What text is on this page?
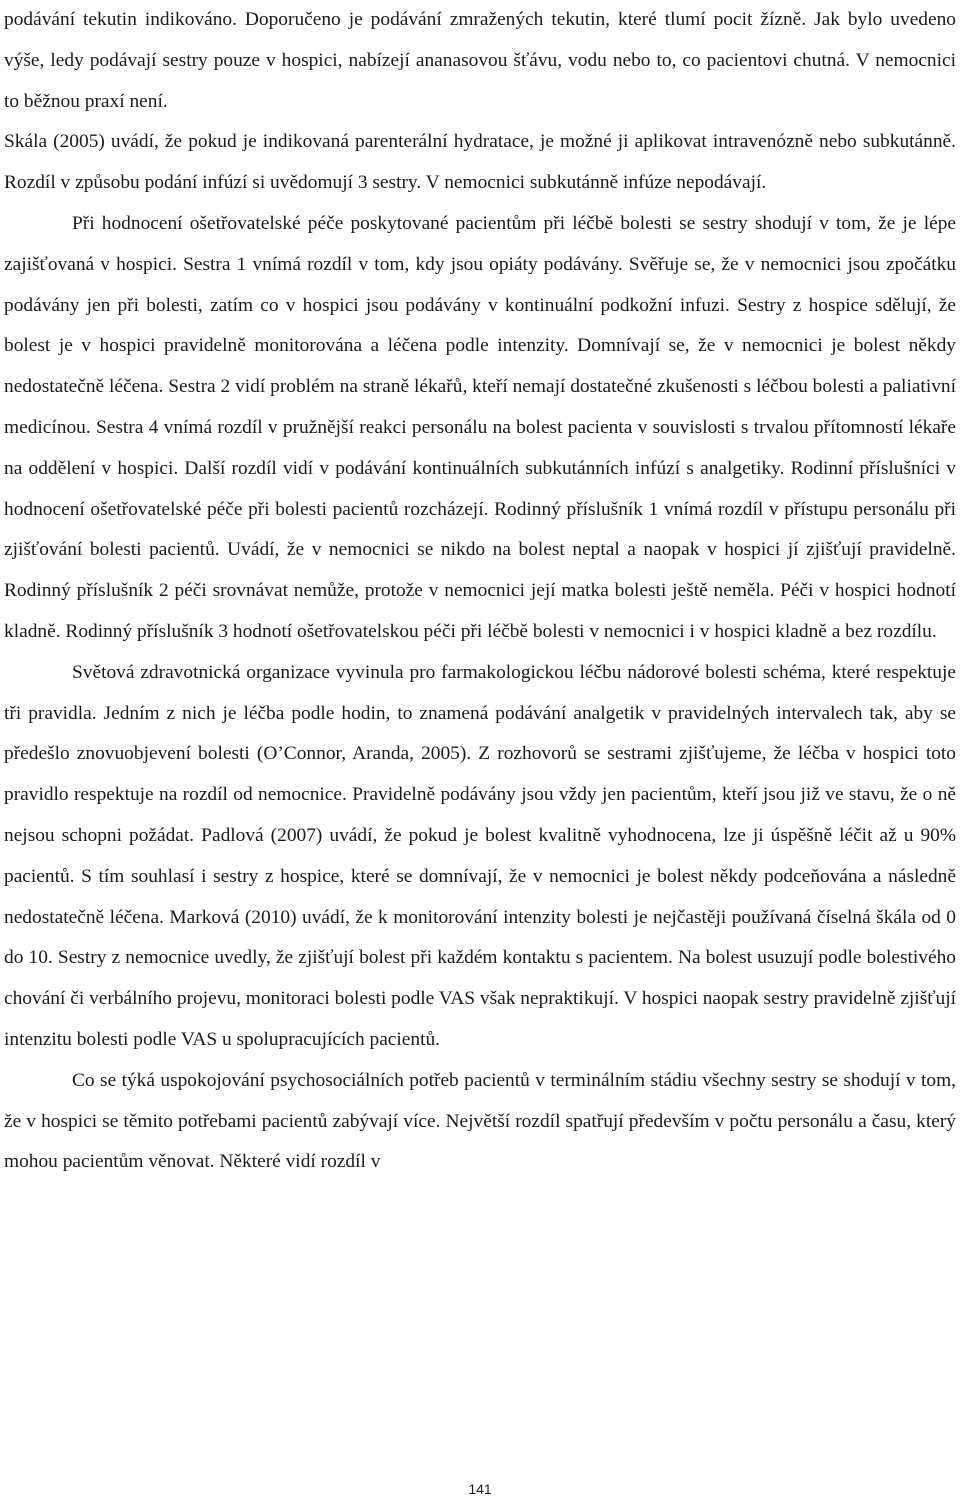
podávání tekutin indikováno. Doporučeno je podávání zmražených tekutin, které tlumí pocit žízně. Jak bylo uvedeno výše, ledy podávají sestry pouze v hospici, nabízejí ananasovou šťávu, vodu nebo to, co pacientovi chutná. V nemocnici to běžnou praxí není.

Skála (2005) uvádí, že pokud je indikovaná parenterální hydratace, je možné ji aplikovat intravenózně nebo subkutánně. Rozdíl v způsobu podání infúzí si uvědomují 3 sestry. V nemocnici subkutánně infúze nepodávají.

Při hodnocení ošetřovatelské péče poskytované pacientům při léčbě bolesti se sestry shodují v tom, že je lépe zajišťovaná v hospici. Sestra 1 vnímá rozdíl v tom, kdy jsou opiáty podávány. Svěřuje se, že v nemocnici jsou zpočátku podávány jen při bolesti, zatím co v hospici jsou podávány v kontinuální podkožní infuzi. Sestry z hospice sdělují, že bolest je v hospici pravidelně monitorována a léčena podle intenzity. Domnívají se, že v nemocnici je bolest někdy nedostatečně léčena. Sestra 2 vidí problém na straně lékařů, kteří nemají dostatečné zkušenosti s léčbou bolesti a paliativní medicínou. Sestra 4 vnímá rozdíl v pružnější reakci personálu na bolest pacienta v souvislosti s trvalou přítomností lékaře na oddělení v hospici. Další rozdíl vidí v podávání kontinuálních subkutánních infúzí s analgetiky. Rodinní příslušníci v hodnocení ošetřovatelské péče při bolesti pacientů rozcházejí. Rodinný příslušník 1 vnímá rozdíl v přístupu personálu při zjišťování bolesti pacientů. Uvádí, že v nemocnici se nikdo na bolest neptal a naopak v hospici jí zjišťují pravidelně. Rodinný příslušník 2 péči srovnávat nemůže, protože v nemocnici její matka bolesti ještě neměla. Péči v hospici hodnotí kladně. Rodinný příslušník 3 hodnotí ošetřovatelskou péči při léčbě bolesti v nemocnici i v hospici kladně a bez rozdílu.

Světová zdravotnická organizace vyvinula pro farmakologickou léčbu nádorové bolesti schéma, které respektuje tři pravidla. Jedním z nich je léčba podle hodin, to znamená podávání analgetik v pravidelných intervalech tak, aby se předešlo znovuobjevení bolesti (O’Connor, Aranda, 2005). Z rozhovorů se sestrami zjišťujeme, že léčba v hospici toto pravidlo respektuje na rozdíl od nemocnice. Pravidelně podávány jsou vždy jen pacientům, kteří jsou již ve stavu, že o ně nejsou schopni požádat. Padlová (2007) uvádí, že pokud je bolest kvalitně vyhodnocena, lze ji úspěšně léčit až u 90% pacientů. S tím souhlasí i sestry z hospice, které se domnívají, že v nemocnici je bolest někdy podceňována a následně nedostatečně léčena. Marková (2010) uvádí, že k monitorování intenzity bolesti je nejčastěji používaná číselná škála od 0 do 10. Sestry z nemocnice uvedly, že zjišťují bolest při každém kontaktu s pacientem. Na bolest usuzují podle bolestivého chování či verbálního projevu, monitoraci bolesti podle VAS však nepraktikují. V hospici naopak sestry pravidelně zjišťují intenzitu bolesti podle VAS u spolupracujících pacientů.

Co se týká uspokojování psychosociálních potřeb pacientů v terminálním stádiu všechny sestry se shodují v tom, že v hospici se těmito potřebami pacientů zabývají více. Největší rozdíl spatřují především v počtu personálu a času, který mohou pacientům věnovat. Některé vidí rozdíl v

141
